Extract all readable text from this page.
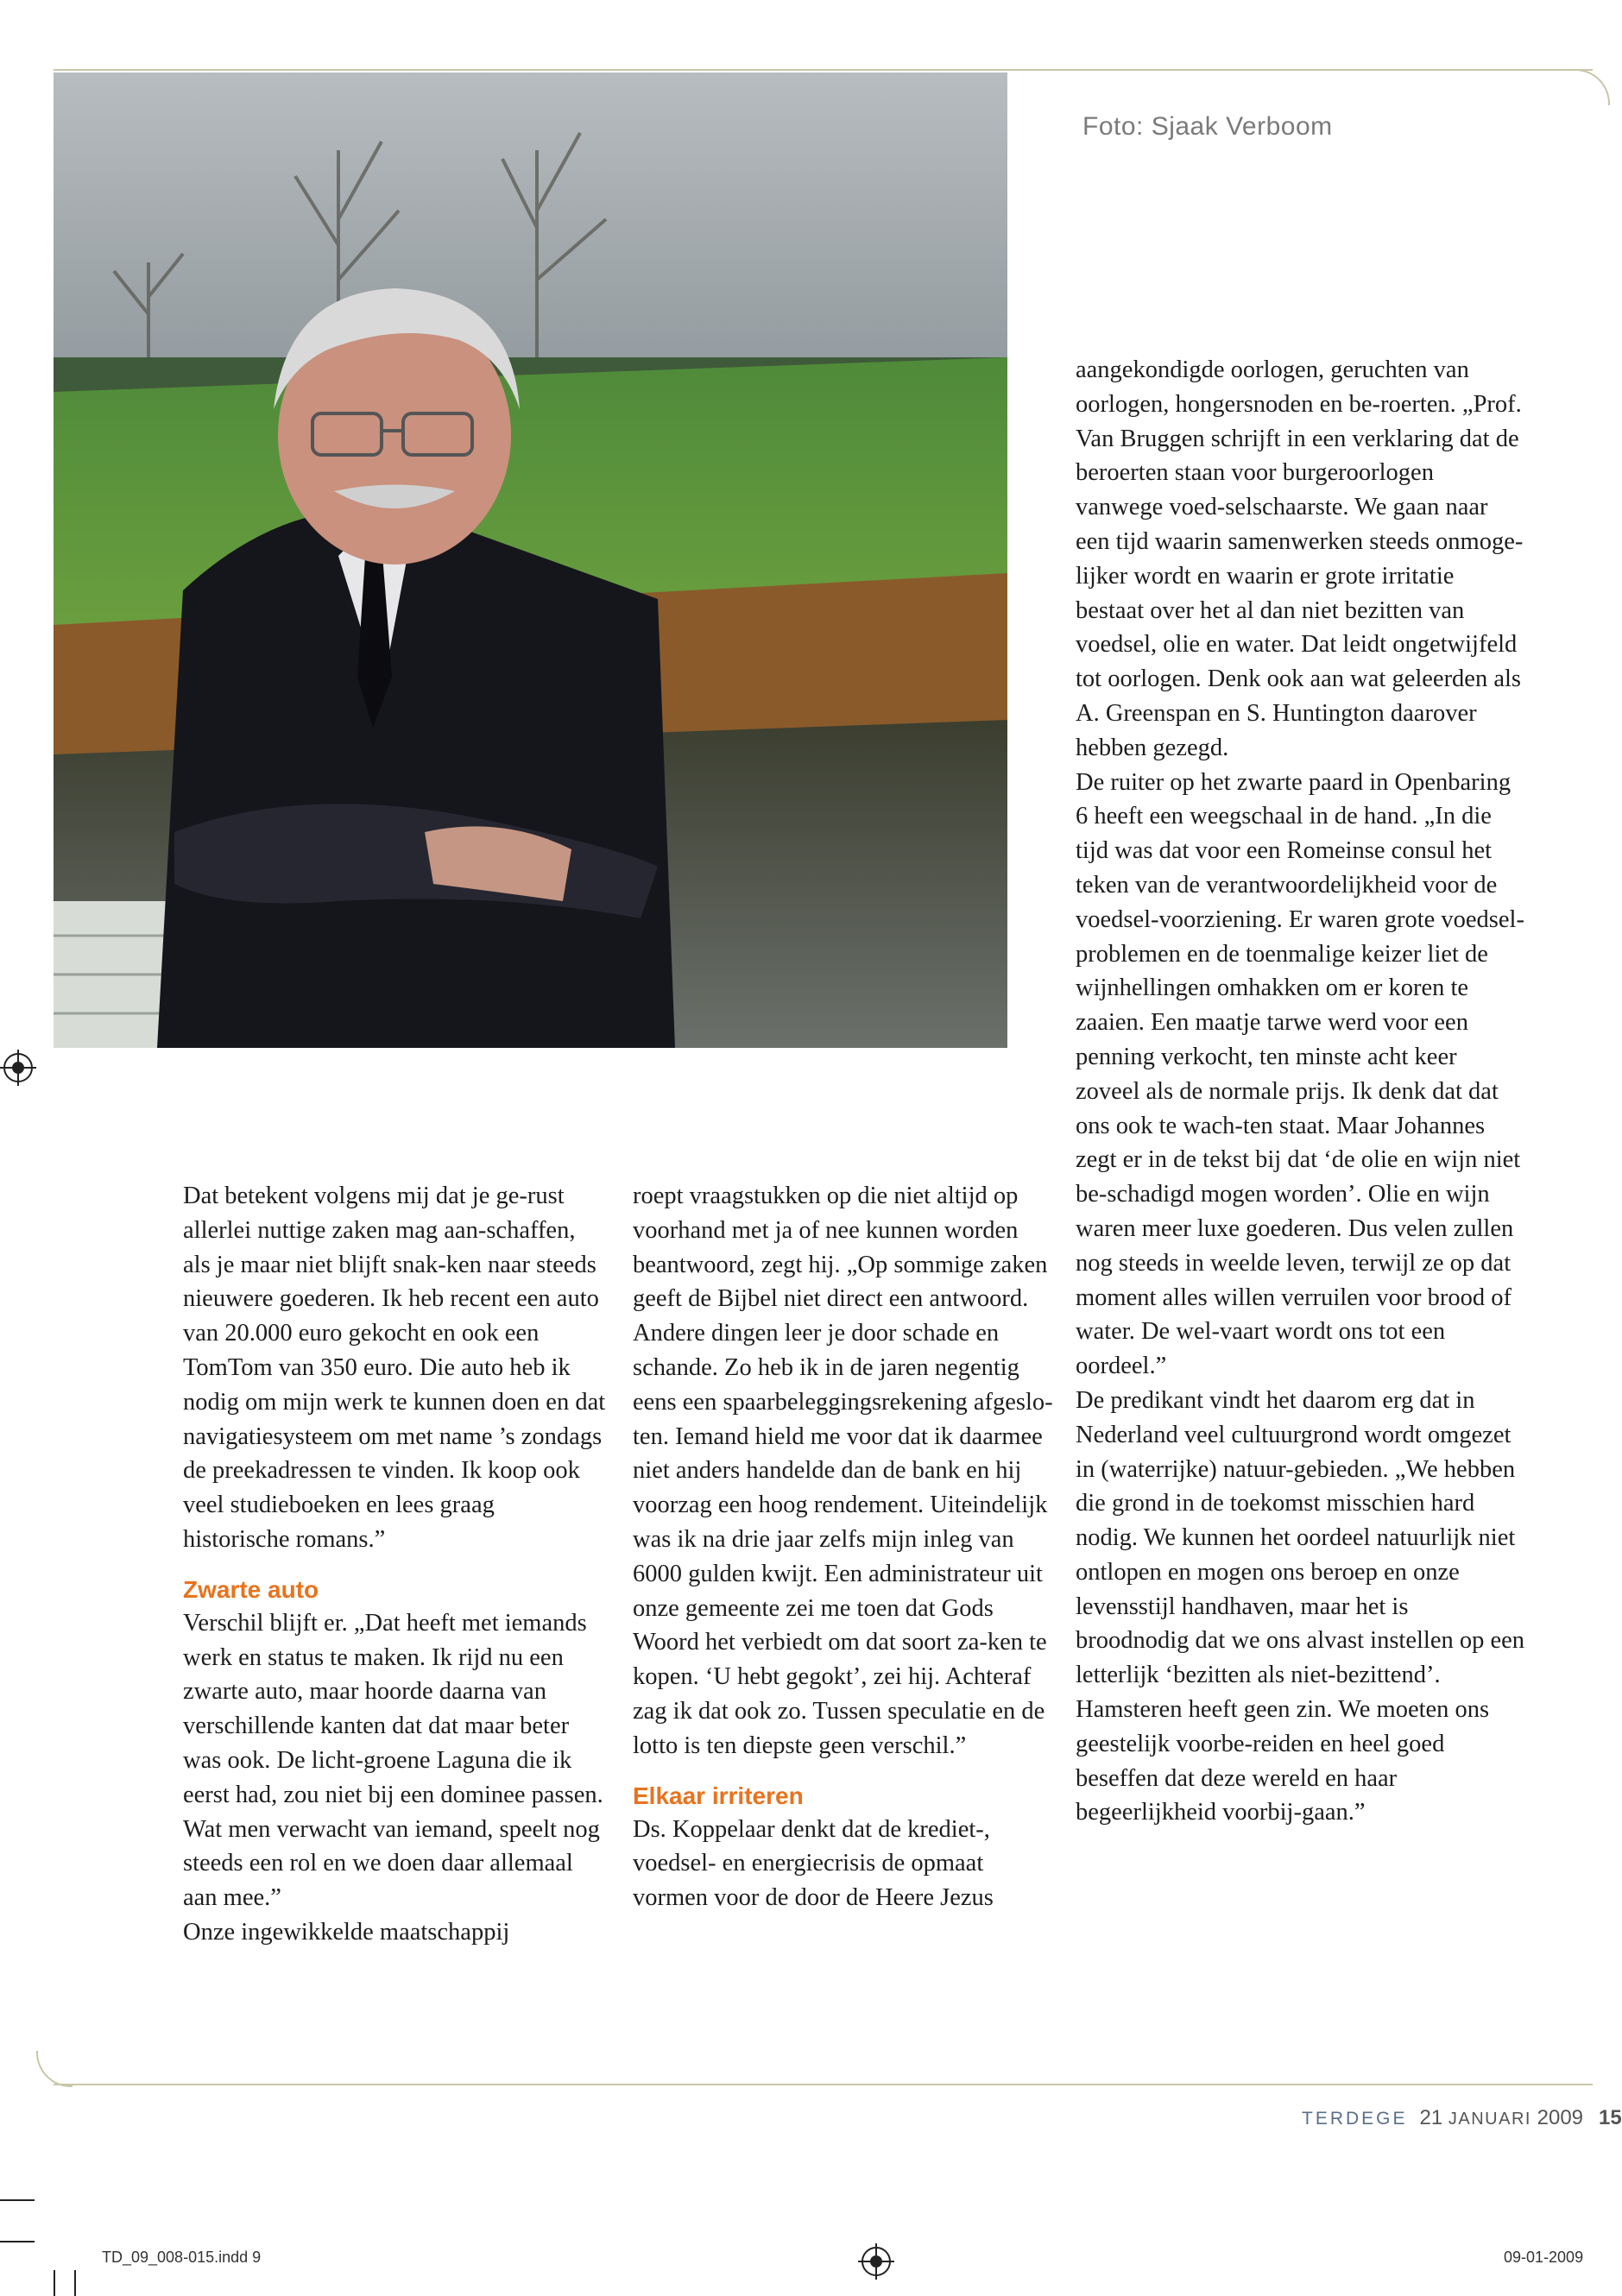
Foto: Sjaak Verboom

Dat betekent volgens mij dat je ge-rust allerlei nuttige zaken mag aan-schaffen, als je maar niet blijft snak-ken naar steeds nieuwere goederen. Ik heb recent een auto van 20.000 euro gekocht en ook een TomTom van 350 euro. Die auto heb ik nodig om mijn werk te kunnen doen en dat navigatiesysteem om met name ’s zondags de preekadressen te vinden. Ik koop ook veel studieboeken en lees graag historische romans.”

Zwarte auto

Verschil blijft er. „Dat heeft met iemands werk en status te maken. Ik rijd nu een zwarte auto, maar hoorde daarna van verschillende kanten dat dat maar beter was ook. De licht-groene Laguna die ik eerst had, zou niet bij een dominee passen. Wat men verwacht van iemand, speelt nog steeds een rol en we doen daar allemaal aan mee.”

Onze ingewikkelde maatschappij

roept vraagstukken op die niet altijd op voorhand met ja of nee kunnen worden beantwoord, zegt hij. „Op sommige zaken geeft de Bijbel niet direct een antwoord. Andere dingen leer je door schade en schande. Zo heb ik in de jaren negentig eens een spaarbeleggingsrekening afgeslo-ten. Iemand hield me voor dat ik daarmee niet anders handelde dan de bank en hij voorzag een hoog rendement. Uiteindelijk was ik na drie jaar zelfs mijn inleg van 6000 gulden kwijt. Een administrateur uit onze gemeente zei me toen dat Gods Woord het verbiedt om dat soort za-ken te kopen. ‘U hebt gegokt’, zei hij. Achteraf zag ik dat ook zo. Tussen speculatie en de lotto is ten diepste geen verschil.”

Elkaar irriteren

Ds. Koppelaar denkt dat de krediet-, voedsel- en energiecrisis de opmaat vormen voor de door de Heere Jezus

aangekondigde oorlogen, geruchten van oorlogen, hongersnoden en be-roerten. „Prof. Van Bruggen schrijft in een verklaring dat de beroerten staan voor burgeroorlogen vanwege voed-selschaarste. We gaan naar een tijd waarin samenwerken steeds onmoge-lijker wordt en waarin er grote irritatie bestaat over het al dan niet bezitten van voedsel, olie en water. Dat leidt ongetwijfeld tot oorlogen. Denk ook aan wat geleerden als A. Greenspan en S. Huntington daarover hebben gezegd.

De ruiter op het zwarte paard in Openbaring 6 heeft een weegschaal in de hand. „In die tijd was dat voor een Romeinse consul het teken van de verantwoordelijkheid voor de voedsel-voorziening. Er waren grote voedsel-problemen en de toenmalige keizer liet de wijnhellingen omhakken om er koren te zaaien. Een maatje tarwe werd voor een penning verkocht, ten minste acht keer zoveel als de normale prijs. Ik denk dat dat ons ook te wach-ten staat. Maar Johannes zegt er in de tekst bij dat ‘de olie en wijn niet be-schadigd mogen worden’. Olie en wijn waren meer luxe goederen. Dus velen zullen nog steeds in weelde leven, terwijl ze op dat moment alles willen verruilen voor brood of water. De wel-vaart wordt ons tot een oordeel.”

De predikant vindt het daarom erg dat in Nederland veel cultuurgrond wordt omgezet in (waterrijke) natuur-gebieden. „We hebben die grond in de toekomst misschien hard nodig. We kunnen het oordeel natuurlijk niet ontlopen en mogen ons beroep en onze levensstijl handhaven, maar het is broodnodig dat we ons alvast instellen op een letterlijk ‘bezitten als niet-bezittend’. Hamsteren heeft geen zin. We moeten ons geestelijk voorbe-reiden en heel goed beseffen dat deze wereld en haar begeerlijkheid voorbij-gaan.”

TERDEGE 21 JANUARI 2009 15
TD_09_008-015.indd 9	09-01-2009
